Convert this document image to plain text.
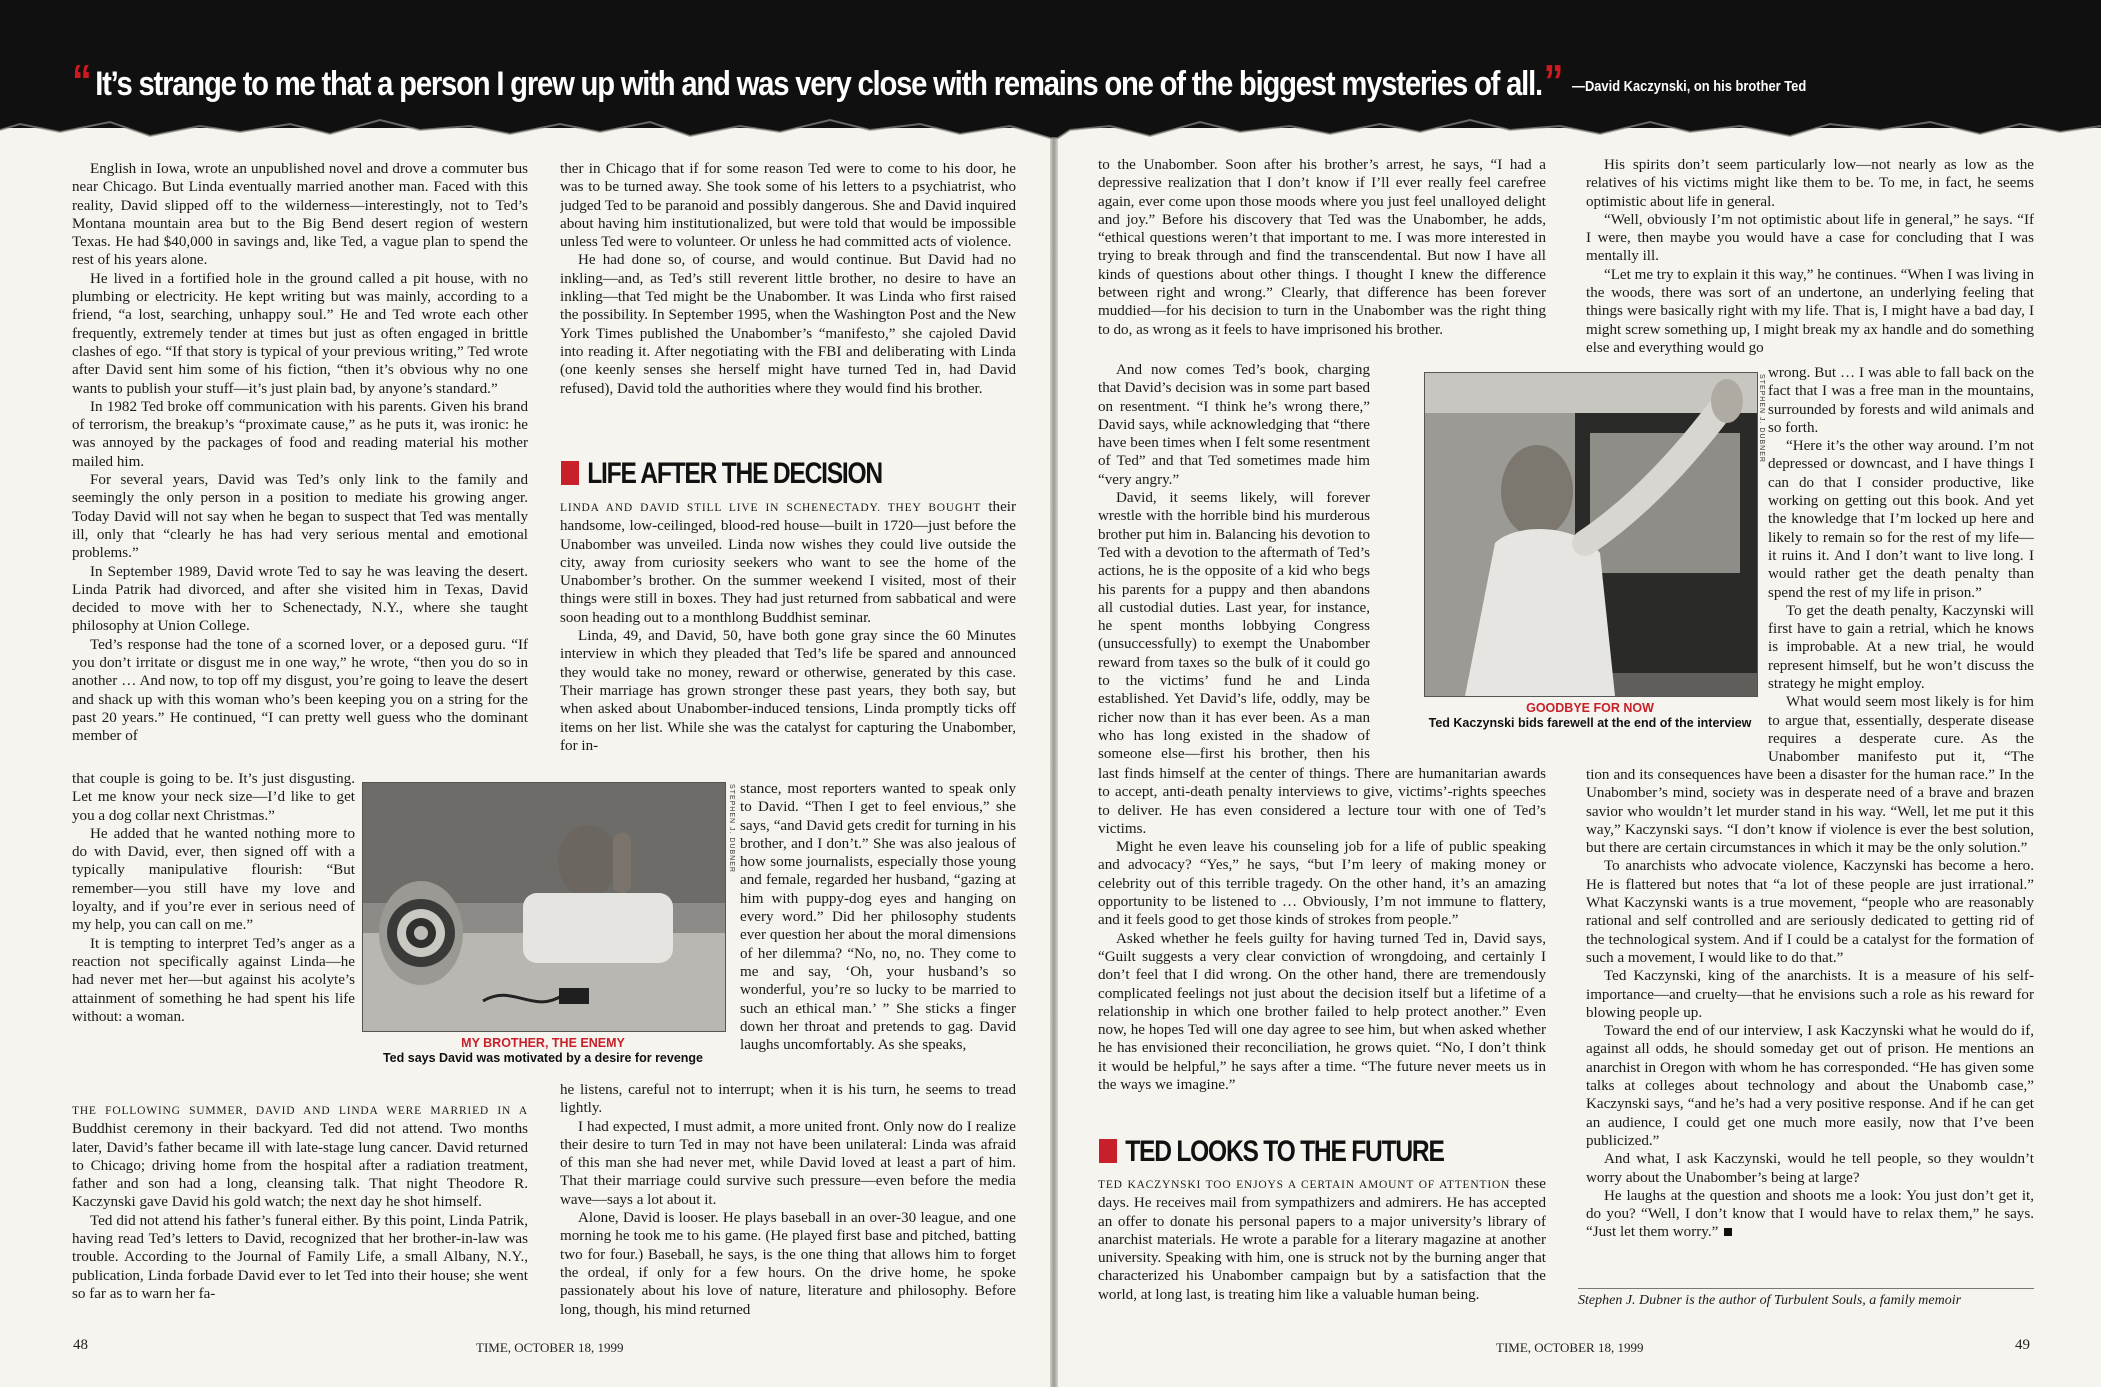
English in Iowa, wrote an unpublished novel and drove a commuter bus near Chicago. But Linda eventually married another man. Faced with this reality, David slipped off to the wilderness—interestingly, not to Ted’s Montana mountain area but to the Big Bend desert region of western Texas. He had $40,000 in savings and, like Ted, a vague plan to spend the rest of his years alone.

He lived in a fortified hole in the ground called a pit house, with no plumbing or electricity. He kept writing but was mainly, according to a friend, “a lost, searching, unhappy soul.” He and Ted wrote each other frequently, extremely tender at times but just as often engaged in brittle clashes of ego. “If that story is typical of your previous writing,” Ted wrote after David sent him some of his fiction, “then it’s obvious why no one wants to publish your stuff—it’s just plain bad, by anyone’s standard.”

In 1982 Ted broke off communication with his parents. Given his brand of terrorism, the breakup’s “proximate cause,” as he puts it, was ironic: he was annoyed by the packages of food and reading material his mother mailed him.

For several years, David was Ted’s only link to the family and seemingly the only person in a position to mediate his growing anger. Today David will not say when he began to suspect that Ted was mentally ill, only that “clearly he has had very serious mental and emotional problems.”

In September 1989, David wrote Ted to say he was leaving the desert. Linda Patrik had divorced, and after she visited him in Texas, David decided to move with her to Schenectady, N.Y., where she taught philosophy at Union College.

Ted’s response had the tone of a scorned lover, or a deposed guru. “If you don’t irritate or disgust me in one way,” he wrote, “then you do so in another … And now, to top off my disgust, you’re going to leave the desert and shack up with this woman who’s been keeping you on a string for the past 20 years.” He continued, “I can pretty well guess who the dominant member of

that couple is going to be. It’s just disgusting. Let me know your neck size—I’d like to get you a dog collar next Christmas.”

He added that he wanted nothing more to do with David, ever, then signed off with a typically manipulative flourish: “But remember—you still have my love and loyalty, and if you’re ever in serious need of my help, you can call on me.”

It is tempting to interpret Ted’s anger as a reaction not specifically against Linda—he had never met her—but against his acolyte’s attainment of something he had spent his life without: a woman.

THE FOLLOWING SUMMER, DAVID AND LINDA WERE MARRIED IN A Buddhist ceremony in their backyard. Ted did not attend. Two months later, David’s father became ill with late-stage lung cancer. David returned to Chicago; driving home from the hospital after a radiation treatment, father and son had a long, cleansing talk. That night Theodore R. Kaczynski gave David his gold watch; the next day he shot himself.

Ted did not attend his father’s funeral either. By this point, Linda Patrik, having read Ted’s letters to David, recognized that her brother-in-law was trouble. According to the Journal of Family Life, a small Albany, N.Y., publication, Linda forbade David ever to let Ted into their house; she went so far as to warn her fa-

ther in Chicago that if for some reason Ted were to come to his door, he was to be turned away. She took some of his letters to a psychiatrist, who judged Ted to be paranoid and possibly dangerous. She and David inquired about having him institutionalized, but were told that would be impossible unless Ted were to volunteer. Or unless he had committed acts of violence.

He had done so, of course, and would continue. But David had no inkling—and, as Ted’s still reverent little brother, no desire to have an inkling—that Ted might be the Unabomber. It was Linda who first raised the possibility. In September 1995, when the Washington Post and the New York Times published the Unabomber’s “manifesto,” she cajoled David into reading it. After negotiating with the FBI and deliberating with Linda (one keenly senses she herself might have turned Ted in, had David refused), David told the authorities where they would find his brother.

LIFE AFTER THE DECISION

LINDA AND DAVID STILL LIVE IN SCHENECTADY. THEY BOUGHT their handsome, low-ceilinged, blood-red house—built in 1720—just before the Unabomber was unveiled. Linda now wishes they could live outside the city, away from curiosity seekers who want to see the home of the Unabomber’s brother. On the summer weekend I visited, most of their things were still in boxes. They had just returned from sabbatical and were soon heading out to a monthlong Buddhist seminar.

Linda, 49, and David, 50, have both gone gray since the 60 Minutes interview in which they pleaded that Ted’s life be spared and announced they would take no money, reward or otherwise, generated by this case. Their marriage has grown stronger these past years, they both say, but when asked about Unabomber-induced tensions, Linda promptly ticks off items on her list. While she was the catalyst for capturing the Unabomber, for in-

stance, most reporters wanted to speak only to David. “Then I get to feel envious,” she says, “and David gets credit for turning in his brother, and I don’t.” She was also jealous of how some journalists, especially those young and female, regarded her husband, “gazing at him with puppy-dog eyes and hanging on every word.” Did her philosophy students ever question her about the moral dimensions of her dilemma? “No, no, no. They come to me and say, ‘Oh, your husband’s so wonderful, you’re so lucky to be married to such an ethical man.’ ” She sticks a finger down her throat and pretends to gag. David laughs uncomfortably. As she speaks,

he listens, careful not to interrupt; when it is his turn, he seems to tread lightly.

I had expected, I must admit, a more united front. Only now do I realize their desire to turn Ted in may not have been unilateral: Linda was afraid of this man she had never met, while David loved at least a part of him. That their marriage could survive such pressure—even before the media wave—says a lot about it.

Alone, David is looser. He plays baseball in an over-30 league, and one morning he took me to his game. (He played first base and pitched, batting two for four.) Baseball, he says, is the one thing that allows him to forget the ordeal, if only for a few hours. On the drive home, he spoke passionately about his love of nature, literature and philosophy. Before long, though, his mind returned

STEPHEN J. DUBNER
MY BROTHER, THE ENEMY
Ted says David was motivated by a desire for revenge
48	TIME, OCTOBER 18, 1999

to the Unabomber. Soon after his brother’s arrest, he says, “I had a depressive realization that I don’t know if I’ll ever really feel carefree again, ever come upon those moods where you just feel unalloyed delight and joy.” Before his discovery that Ted was the Unabomber, he adds, “ethical questions weren’t that important to me. I was more interested in trying to break through and find the transcendental. But now I have all kinds of questions about other things. I thought I knew the difference between right and wrong.” Clearly, that difference has been forever muddied—for his decision to turn in the Unabomber was the right thing to do, as wrong as it feels to have imprisoned his brother.

And now comes Ted’s book, charging that David’s decision was in some part based on resentment. “I think he’s wrong there,” David says, while acknowledging that “there have been times when I felt some resentment of Ted” and that Ted sometimes made him “very angry.”

David, it seems likely, will forever wrestle with the horrible bind his murderous brother put him in. Balancing his devotion to Ted with a devotion to the aftermath of Ted’s actions, he is the opposite of a kid who begs his parents for a puppy and then abandons all custodial duties. Last year, for instance, he spent months lobbying Congress (unsuccessfully) to exempt the Unabomber reward from taxes so the bulk of it could go to the victims’ fund he and Linda established. Yet David’s life, oddly, may be richer now than it has ever been. As a man who has long existed in the shadow of someone else—first his brother, then his

last finds himself at the center of things. There are humanitarian awards to accept, anti-death penalty interviews to give, victims’-rights speeches to deliver. He has even considered a lecture tour with one of Ted’s victims.

Might he even leave his counseling job for a life of public speaking and advocacy? “Yes,” he says, “but I’m leery of making money or celebrity out of this terrible tragedy. On the other hand, it’s an amazing opportunity to be listened to … Obviously, I’m not immune to flattery, and it feels good to get those kinds of strokes from people.”

Asked whether he feels guilty for having turned Ted in, David says, “Guilt suggests a very clear conviction of wrongdoing, and certainly I don’t feel that I did wrong. On the other hand, there are tremendously complicated feelings not just about the decision itself but a lifetime of a relationship in which one brother failed to help protect another.” Even now, he hopes Ted will one day agree to see him, but when asked whether he has envisioned their reconciliation, he grows quiet. “No, I don’t think it would be helpful,” he says after a time. “The future never meets us in the ways we imagine.”

TED LOOKS TO THE FUTURE

TED KACZYNSKI TOO ENJOYS A CERTAIN AMOUNT OF ATTENTION these days. He receives mail from sympathizers and admirers. He has accepted an offer to donate his personal papers to a major university’s library of anarchist materials. He wrote a parable for a literary magazine at another university. Speaking with him, one is struck not by the burning anger that characterized his Unabomber campaign but by a satisfaction that the world, at long last, is treating him like a valuable human being.

His spirits don’t seem particularly low—not nearly as low as the relatives of his victims might like them to be. To me, in fact, he seems optimistic about life in general.

“Well, obviously I’m not optimistic about life in general,” he says. “If I were, then maybe you would have a case for concluding that I was mentally ill.

“Let me try to explain it this way,” he continues. “When I was living in the woods, there was sort of an undertone, an underlying feeling that things were basically right with my life. That is, I might have a bad day, I might screw something up, I might break my ax handle and do something else and everything would go

wrong. But … I was able to fall back on the fact that I was a free man in the mountains, surrounded by forests and wild animals and so forth.

“Here it’s the other way around. I’m not depressed or downcast, and I have things I can do that I consider productive, like working on getting out this book. And yet the knowledge that I’m locked up here and likely to remain so for the rest of my life—it ruins it. And I don’t want to live long. I would rather get the death penalty than spend the rest of my life in prison.”

To get the death penalty, Kaczynski will first have to gain a retrial, which he knows is improbable. At a new trial, he would represent himself, but he won’t discuss the strategy he might employ.

What would seem most likely is for him to argue that, essentially, desperate disease requires a desperate cure. As the Unabomber manifesto put it, “The

tion and its consequences have been a disaster for the human race.” In the Unabomber’s mind, society was in desperate need of a brave and brazen savior who wouldn’t let murder stand in his way. “Well, let me put it this way,” Kaczynski says. “I don’t know if violence is ever the best solution, but there are certain circumstances in which it may be the only solution.”

To anarchists who advocate violence, Kaczynski has become a hero. He is flattered but notes that “a lot of these people are just irrational.” What Kaczynski wants is a true movement, “people who are reasonably rational and self controlled and are seriously dedicated to getting rid of the technological system. And if I could be a catalyst for the formation of such a movement, I would like to do that.”

Ted Kaczynski, king of the anarchists. It is a measure of his self-importance—and cruelty—that he envisions such a role as his reward for blowing people up.

Toward the end of our interview, I ask Kaczynski what he would do if, against all odds, he should someday get out of prison. He mentions an anarchist in Oregon with whom he has corresponded. “He has given some talks at colleges about technology and about the Unabomb case,” Kaczynski says, “and he’s had a very positive response. And if he can get an audience, I could get one much more easily, now that I’ve been publicized.”

And what, I ask Kaczynski, would he tell people, so they wouldn’t worry about the Unabomber’s being at large?

He laughs at the question and shoots me a look: You just don’t get it, do you? “Well, I don’t know that I would have to relax them,” he says. “Just let them worry.”

STEPHEN J. DUBNER
GOODBYE FOR NOW
Ted Kaczynski bids farewell at the end of the interview
Stephen J. Dubner is the author of Turbulent Souls, a family memoir
TIME, OCTOBER 18, 1999	49
“ It’s strange to me that a person I grew up with and was very close with remains one of the biggest mysteries of all.” —David Kaczynski, on his brother Ted
